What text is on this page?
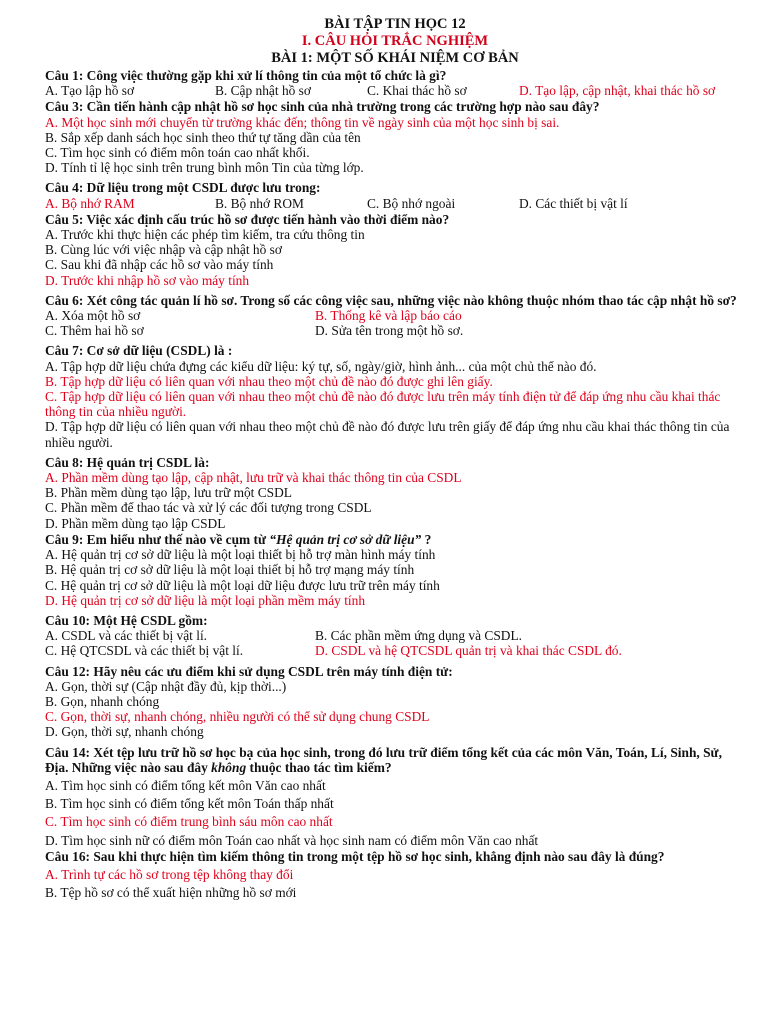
BÀI TẬP TIN HỌC 12
I. CÂU HỎI TRẮC NGHIỆM
BÀI 1: MỘT SỐ KHÁI NIỆM CƠ BẢN
Câu 1: Công việc thường gặp khi xử lí thông tin của một tổ chức là gì?
A. Tạo lập hồ sơ	B. Cập nhật hồ sơ	C. Khai thác hồ sơ	D. Tạo lập, cập nhật, khai thác hồ sơ
Câu 3: Cần tiến hành cập nhật hồ sơ học sinh của nhà trường trong các trường hợp nào sau đây?
A. Một học sinh mới chuyển từ trường khác đến; thông tin về ngày sinh của một học sinh bị sai.
B. Sắp xếp danh sách học sinh theo thứ tự tăng dần của tên
C. Tìm học sinh có điểm môn toán cao nhất khối.
D. Tính tỉ lệ học sinh trên trung bình môn Tin của từng lớp.
Câu 4: Dữ liệu trong một CSDL được lưu trong:
A. Bộ nhớ RAM	B. Bộ nhớ ROM	C. Bộ nhớ ngoài	D. Các thiết bị vật lí
Câu 5: Việc xác định cấu trúc hồ sơ được tiến hành vào thời điểm nào?
A. Trước khi thực hiện các phép tìm kiếm, tra cứu thông tin
B. Cùng lúc với việc nhập và cập nhật hồ sơ
C. Sau khi đã nhập các hồ sơ vào máy tính
D. Trước khi nhập hồ sơ vào máy tính
Câu 6: Xét công tác quản lí hồ sơ. Trong số các công việc sau, những việc nào không thuộc nhóm thao tác cập nhật hồ sơ?
A. Xóa một hồ sơ	B. Thống kê và lập báo cáo
C. Thêm hai hồ sơ	D. Sửa tên trong một hồ sơ.
Câu 7: Cơ sở dữ liệu (CSDL) là :
A. Tập hợp dữ liệu chứa đựng các kiểu dữ liệu: ký tự, số, ngày/giờ, hình ảnh... của một chủ thể nào đó.
B. Tập hợp dữ liệu có liên quan với nhau theo một chủ đề nào đó được ghi lên giấy.
C. Tập hợp dữ liệu có liên quan với nhau theo một chủ đề nào đó được lưu trên máy tính điện tử để đáp ứng nhu cầu khai thác thông tin của nhiều người.
D. Tập hợp dữ liệu có liên quan với nhau theo một chủ đề nào đó được lưu trên giấy để đáp ứng nhu cầu khai thác thông tin của nhiều người.
Câu 8: Hệ quản trị CSDL là:
A. Phần mềm dùng tạo lập, cập nhật, lưu trữ và khai thác thông tin của CSDL
B. Phần mềm dùng tạo lập, lưu trữ một CSDL
C. Phần mềm để thao tác và xử lý các đối tượng trong CSDL
D. Phần mềm dùng tạo lập CSDL
Câu 9: Em hiểu như thế nào về cụm từ “Hệ quản trị cơ sở dữ liệu” ?
A. Hệ quản trị cơ sở dữ liệu là một loại thiết bị hỗ trợ màn hình máy tính
B. Hệ quản trị cơ sở dữ liệu là một loại thiết bị hỗ trợ mạng máy tính
C. Hệ quản trị cơ sở dữ liệu là một loại dữ liệu được lưu trữ trên máy tính
D. Hệ quản trị cơ sở dữ liệu là một loại phần mềm máy tính
Câu 10: Một Hệ CSDL gồm:
A. CSDL và các thiết bị vật lí.	B. Các phần mềm ứng dụng và CSDL.
C. Hệ QTCSDL và các thiết bị vật lí.	D. CSDL và hệ QTCSDL quản trị và khai thác CSDL đó.
Câu 12: Hãy nêu các ưu điểm khi sử dụng CSDL trên máy tính điện tử:
A. Gọn, thời sự (Cập nhật đầy đủ, kịp thời...)
B. Gọn, nhanh chóng
C. Gọn, thời sự, nhanh chóng, nhiều người có thể sử dụng chung CSDL
D. Gọn, thời sự, nhanh chóng
Câu 14: Xét tệp lưu trữ hồ sơ học bạ của học sinh, trong đó lưu trữ điểm tổng kết của các môn Văn, Toán, Lí, Sinh, Sử, Địa. Những việc nào sau đây không thuộc thao tác tìm kiếm?
A. Tìm học sinh có điểm tổng kết môn Văn cao nhất
B. Tìm học sinh có điểm tổng kết môn Toán thấp nhất
C. Tìm học sinh có điểm trung bình sáu môn cao nhất
D. Tìm học sinh nữ có điểm môn Toán cao nhất và học sinh nam có điểm môn Văn cao nhất
Câu 16: Sau khi thực hiện tìm kiếm thông tin trong một tệp hồ sơ học sinh, khẳng định nào sau đây là đúng?
A. Trình tự các hồ sơ trong tệp không thay đổi
B. Tệp hồ sơ có thể xuất hiện những hồ sơ mới
